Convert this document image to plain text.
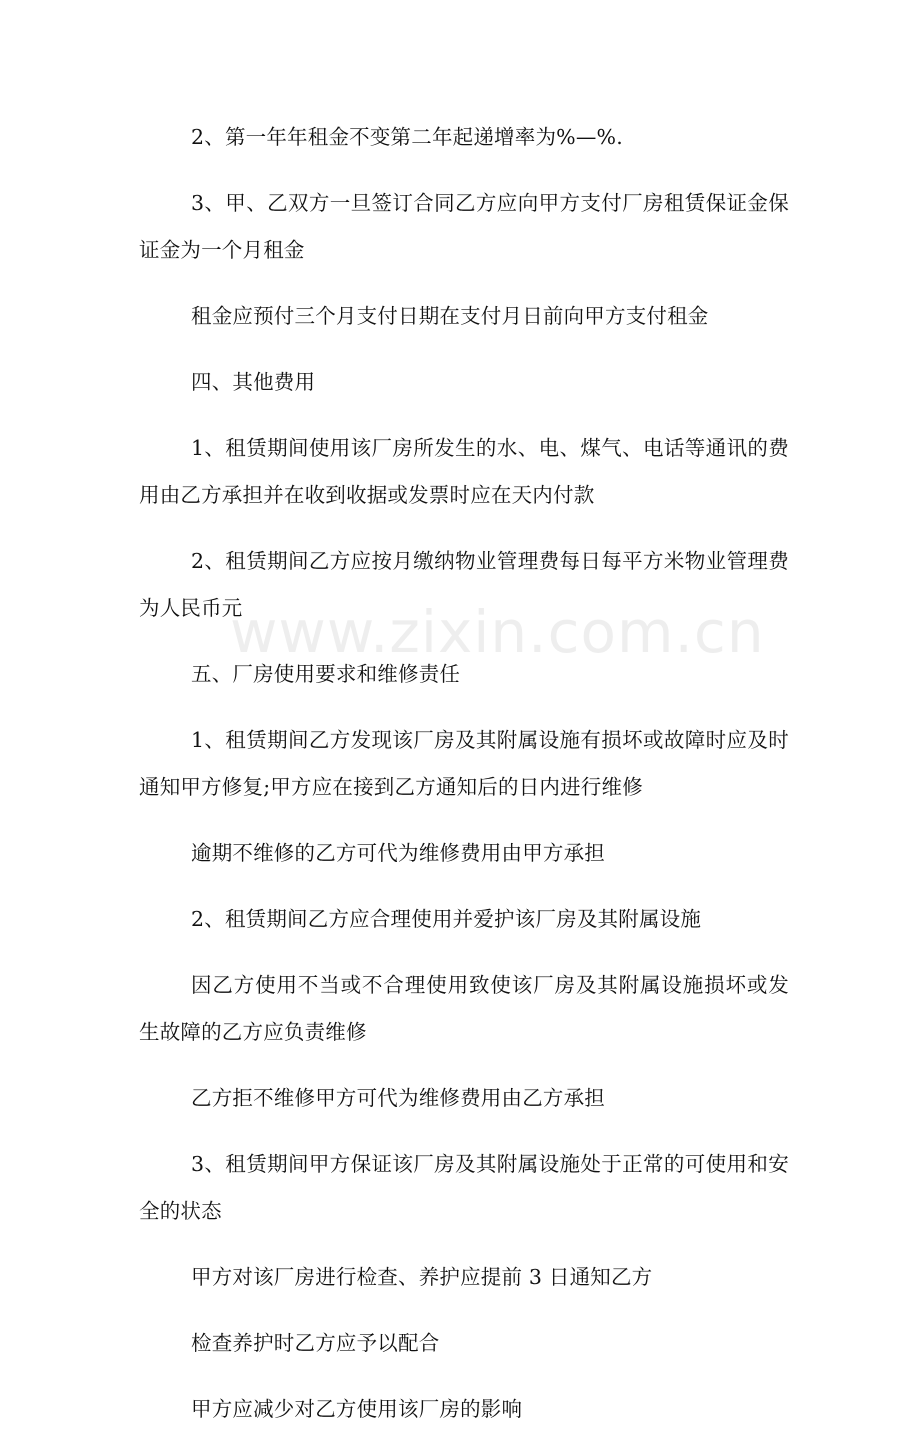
www.zixin.com.cn

2、第一年年租金不变第二年起递增率为%—%.

3、甲、乙双方一旦签订合同乙方应向甲方支付厂房租赁保证金保证金为一个月租金

租金应预付三个月支付日期在支付月日前向甲方支付租金

四、其他费用

1、租赁期间使用该厂房所发生的水、电、煤气、电话等通讯的费用由乙方承担并在收到收据或发票时应在天内付款

2、租赁期间乙方应按月缴纳物业管理费每日每平方米物业管理费为人民币元

五、厂房使用要求和维修责任

1、租赁期间乙方发现该厂房及其附属设施有损坏或故障时应及时通知甲方修复;甲方应在接到乙方通知后的日内进行维修

逾期不维修的乙方可代为维修费用由甲方承担

2、租赁期间乙方应合理使用并爱护该厂房及其附属设施

因乙方使用不当或不合理使用致使该厂房及其附属设施损坏或发生故障的乙方应负责维修

乙方拒不维修甲方可代为维修费用由乙方承担

3、租赁期间甲方保证该厂房及其附属设施处于正常的可使用和安全的状态

甲方对该厂房进行检查、养护应提前 3 日通知乙方

检查养护时乙方应予以配合

甲方应减少对乙方使用该厂房的影响
